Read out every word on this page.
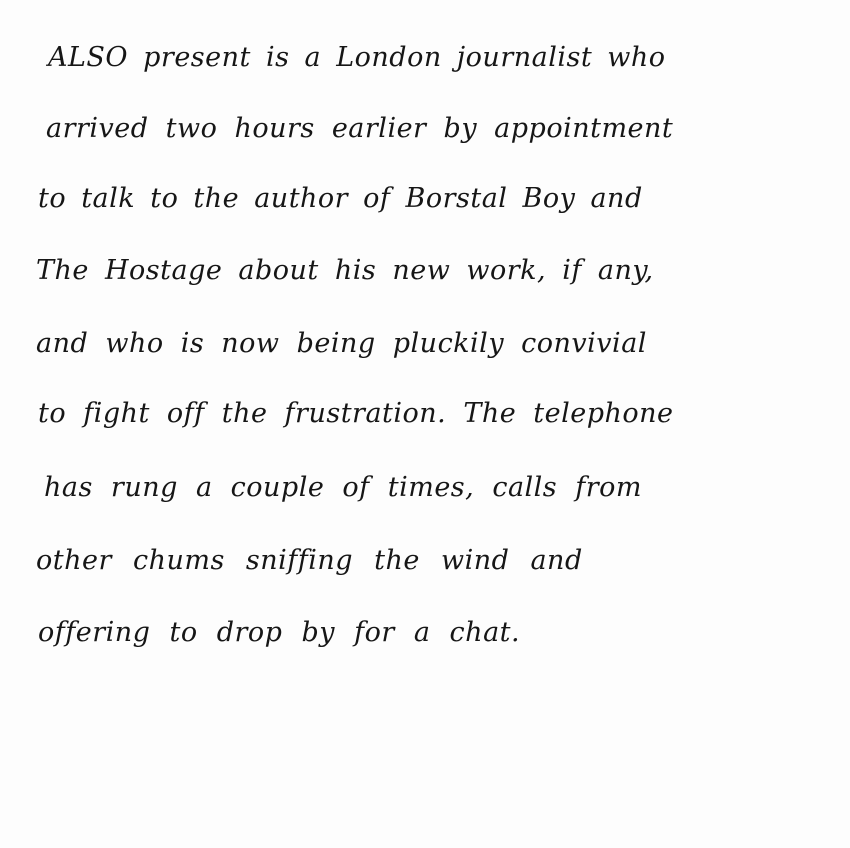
ALSO present is a London journalist who
arrived two hours earlier by appointment
to talk to the author of Borstal Boy and
The Hostage about his new work, if any,
and who is now being pluckily convivial
to fight off the frustration. The telephone
has rung a couple of times, calls from
other chums sniffing the wind and
offering to drop by for a chat.
